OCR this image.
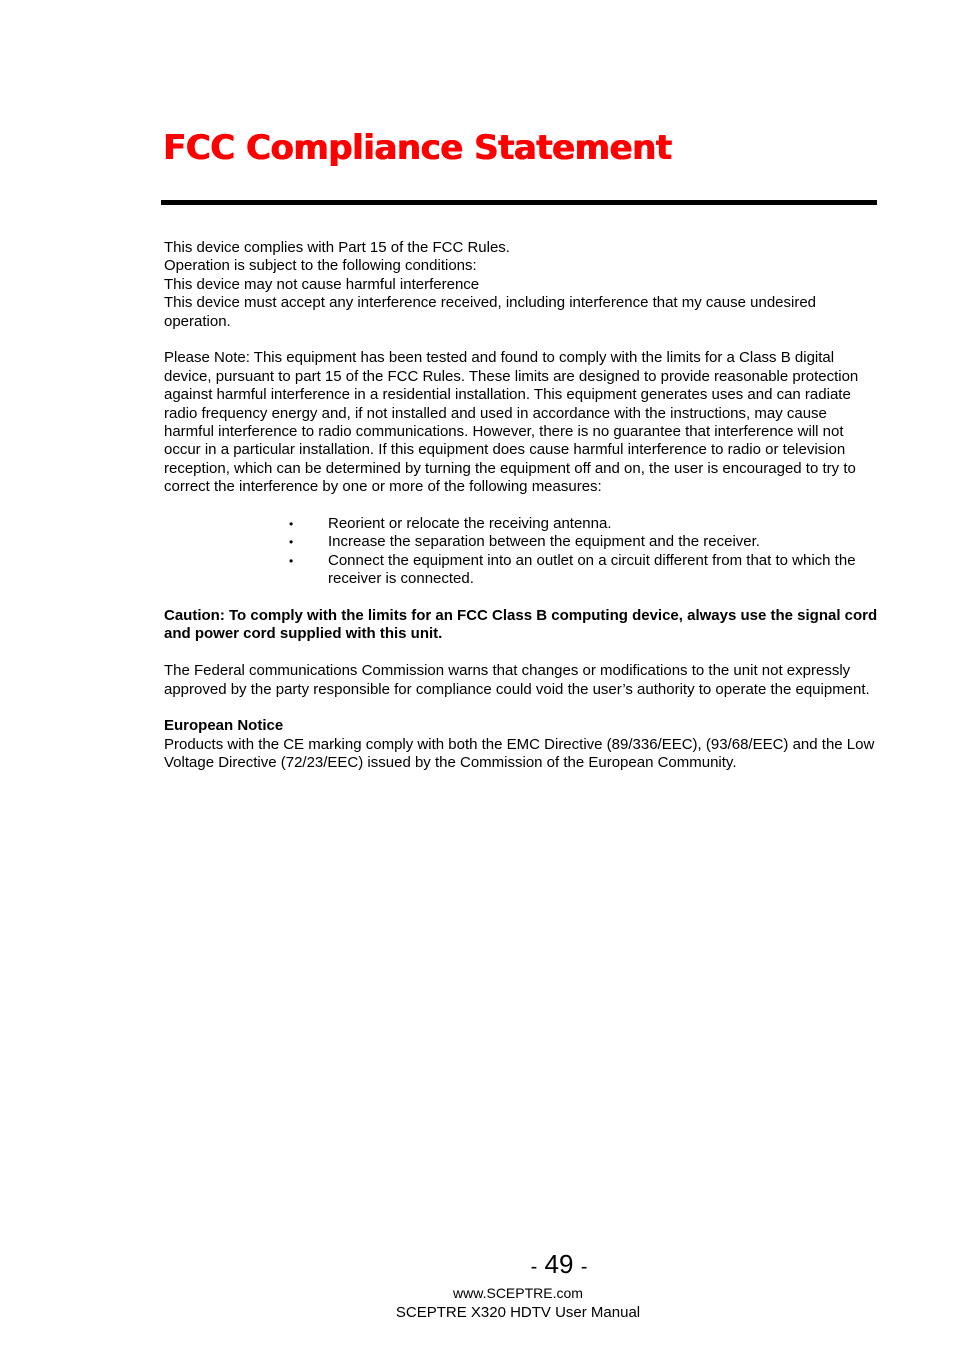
FCC Compliance Statement

This device complies with Part 15 of the FCC Rules.

Operation is subject to the following conditions:

This device may not cause harmful interference

This device must accept any interference received, including interference that my cause undesired operation.

Please Note: This equipment has been tested and found to comply with the limits for a Class B digital device, pursuant to part 15 of the FCC Rules. These limits are designed to provide reasonable protection against harmful interference in a residential installation. This equipment generates uses and can radiate radio frequency energy and, if not installed and used in accordance with the instructions, may cause harmful interference to radio communications. However, there is no guarantee that interference will not occur in a particular installation. If this equipment does cause harmful interference to radio or television reception, which can be determined by turning the equipment off and on, the user is encouraged to try to correct the interference by one or more of the following measures:

• Reorient or relocate the receiving antenna.
• Increase the separation between the equipment and the receiver.
• Connect the equipment into an outlet on a circuit different from that to which the receiver is connected.

Caution: To comply with the limits for an FCC Class B computing device, always use the signal cord and power cord supplied with this unit.

The Federal communications Commission warns that changes or modifications to the unit not expressly approved by the party responsible for compliance could void the user’s authority to operate the equipment.

European Notice

Products with the CE marking comply with both the EMC Directive (89/336/EEC), (93/68/EEC) and the Low Voltage Directive (72/23/EEC) issued by the Commission of the European Community.

- 49 -
www.SCEPTRE.com
SCEPTRE X320 HDTV User Manual
